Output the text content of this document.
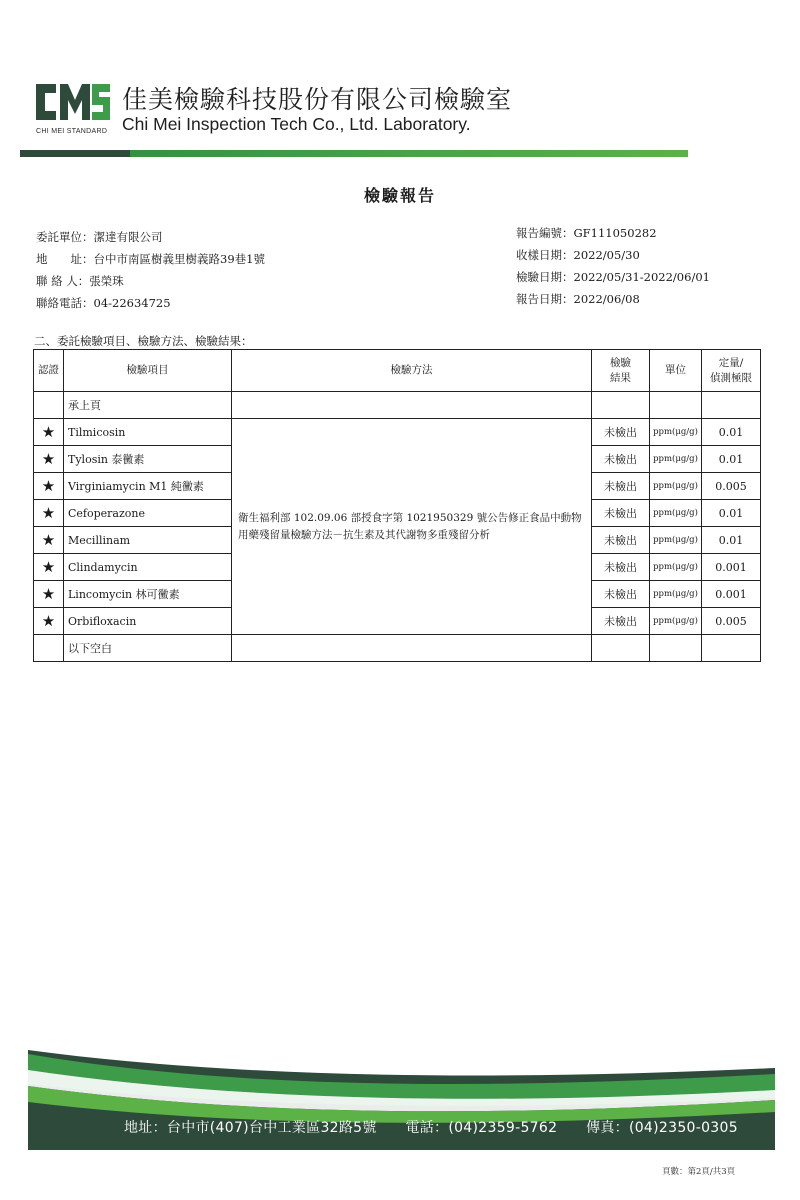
CHI MEI STANDARD
佳美檢驗科技股份有限公司檢驗室
Chi Mei Inspection Tech Co., Ltd. Laboratory.
檢驗報告
委託單位：潔達有限公司
地　　址：台中市南區樹義里樹義路39巷1號
聯 絡 人：張榮珠
聯絡電話：04-22634725
報告編號：GF111050282
收樣日期：2022/05/30
檢驗日期：2022/05/31-2022/06/01
報告日期：2022/06/08
二、委託檢驗項目、檢驗方法、檢驗結果：
認證	檢驗項目	檢驗方法	檢驗
結果	單位	定量/
偵測極限
	承上頁				
★	Tilmicosin	衛生福利部 102.09.06 部授食字第 1021950329 號公告修正食品中動物用藥殘留量檢驗方法－抗生素及其代謝物多重殘留分析	未檢出	ppm(μg/g)	0.01
★	Tylosin 泰黴素		未檢出	ppm(μg/g)	0.01
★	Virginiamycin M1 純黴素		未檢出	ppm(μg/g)	0.005
★	Cefoperazone		未檢出	ppm(μg/g)	0.01
★	Mecillinam		未檢出	ppm(μg/g)	0.01
★	Clindamycin		未檢出	ppm(μg/g)	0.001
★	Lincomycin 林可黴素		未檢出	ppm(μg/g)	0.001
★	Orbifloxacin		未檢出	ppm(μg/g)	0.005
	以下空白				
地址：台中市(407)台中工業區32路5號 電話：(04)2359-5762 傳真：(04)2350-0305
頁數：第2頁/共3頁
